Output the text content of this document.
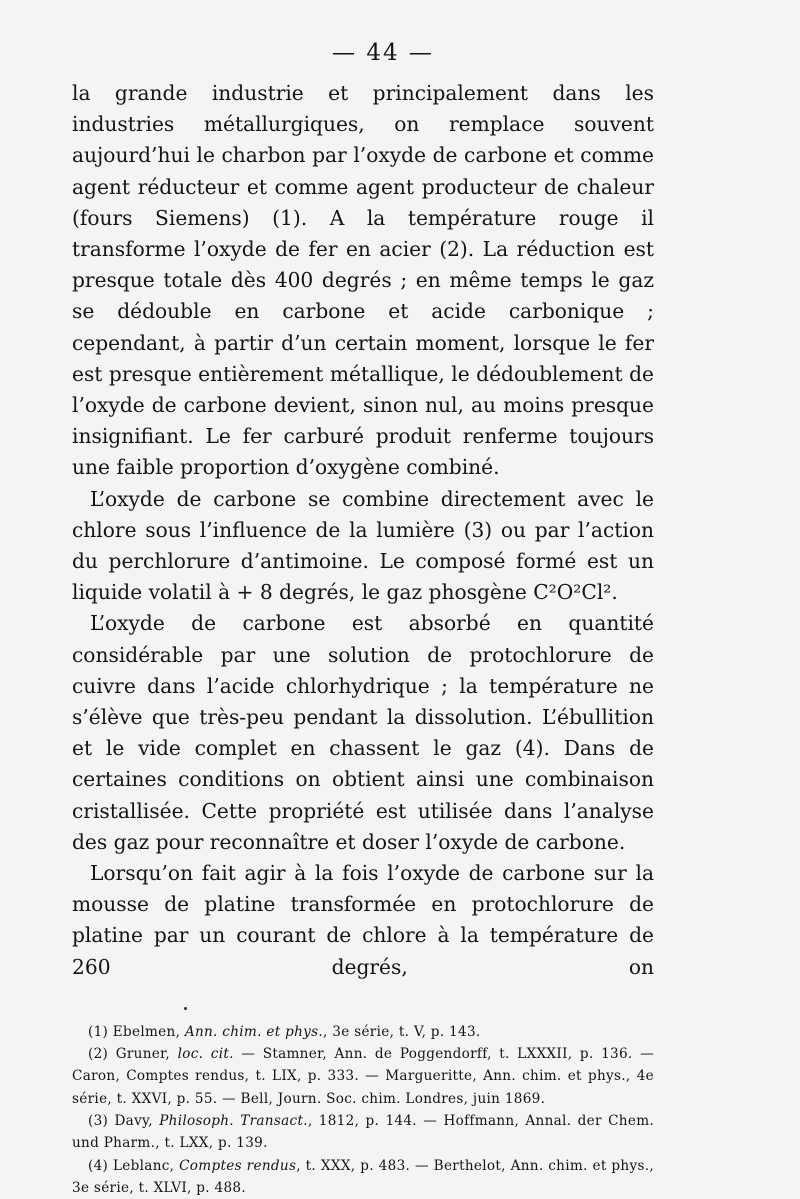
— 44 —

la grande industrie et principalement dans les industries métallurgiques, on remplace souvent aujourd’hui le charbon par l’oxyde de carbone et comme agent réducteur et comme agent producteur de chaleur (fours Siemens) (1). A la température rouge il transforme l’oxyde de fer en acier (2). La réduction est presque totale dès 400 degrés ; en même temps le gaz se dédouble en carbone et acide carbonique ; cependant, à partir d’un certain moment, lorsque le fer est presque entièrement métallique, le dédoublement de l’oxyde de carbone devient, sinon nul, au moins presque insignifiant. Le fer carburé produit renferme toujours une faible proportion d’oxygène combiné.

L’oxyde de carbone se combine directement avec le chlore sous l’influence de la lumière (3) ou par l’action du perchlorure d’antimoine. Le composé formé est un liquide volatil à + 8 degrés, le gaz phosgène C²O²Cl².

L’oxyde de carbone est absorbé en quantité considérable par une solution de protochlorure de cuivre dans l’acide chlorhydrique ; la température ne s’élève que très-peu pendant la dissolution. L’ébullition et le vide complet en chassent le gaz (4). Dans de certaines conditions on obtient ainsi une combinaison cristallisée. Cette propriété est utilisée dans l’analyse des gaz pour reconnaître et doser l’oxyde de carbone.

Lorsqu’on fait agir à la fois l’oxyde de carbone sur la mousse de platine transformée en protochlorure de platine par un courant de chlore à la température de 260 degrés, on

(1) Ebelmen, Ann. chim. et phys., 3e série, t. V, p. 143.

(2) Gruner, loc. cit. — Stamner, Ann. de Poggendorff, t. LXXXII, p. 136. — Caron, Comptes rendus, t. LIX, p. 333. — Margueritte, Ann. chim. et phys., 4e série, t. XXVI, p. 55. — Bell, Journ. Soc. chim. Londres, juin 1869.

(3) Davy, Philosoph. Transact., 1812, p. 144. — Hoffmann, Annal. der Chem. und Pharm., t. LXX, p. 139.

(4) Leblanc, Comptes rendus, t. XXX, p. 483. — Berthelot, Ann. chim. et phys., 3e série, t. XLVI, p. 488.
